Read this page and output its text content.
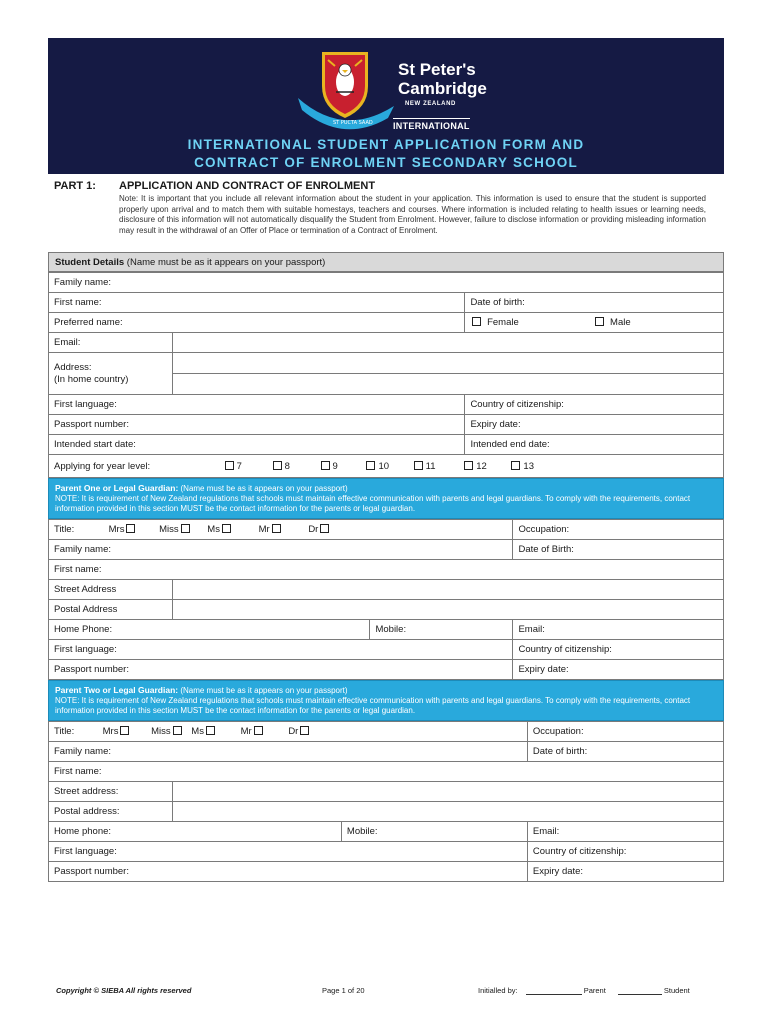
ST PUCTA SAAD
St Peter's
Cambridge
NEW ZEALAND
INTERNATIONAL
INTERNATIONAL STUDENT APPLICATION FORM AND
CONTRACT OF ENROLMENT SECONDARY SCHOOL
PART 1: APPLICATION AND CONTRACT OF ENROLMENT
Note: It is important that you include all relevant information about the student in your application. This information is used to ensure that the student is supported properly upon arrival and to match them with suitable homestays, teachers and courses. Where information is included relating to health issues or learning needs, disclosure of this information will not automatically disqualify the Student from Enrolment. However, failure to disclose information or providing misleading information may result in the withdrawal of an Offer of Place or termination of a Contract of Enrolment.
Student Details (Name must be as it appears on your passport)
Family name:		
First name:		Date of birth:
Preferred name:		Female Male
Email:		

Address:
(In home country)		

First language:		Country of citizenship:
Passport number:		Expiry date:
Intended start date:		Intended end date:
Applying for year level: 7 8 9 10 11 12 13		
Parent One or Legal Guardian: (Name must be as it appears on your passport)
NOTE: It is requirement of New Zealand regulations that schools must maintain effective communication with parents and legal guardians. To comply with the requirements, contact information provided in this section MUST be the contact information for the parents or legal guardian.
Title: Mrs Miss Ms Mr Dr			Occupation:
Family name:			Date of Birth:
First name:			
Street Address			
Postal Address			
Home Phone:		Mobile:	Email:
First language:			Country of citizenship:
Passport number:			Expiry date:
Parent Two or Legal Guardian: (Name must be as it appears on your passport)
NOTE: It is requirement of New Zealand regulations that schools must maintain effective communication with parents and legal guardians. To comply with the requirements, contact information provided in this section MUST be the contact information for the parents or legal guardian.
Title: Mrs Miss Ms Mr Dr			Occupation:
Family name:			Date of birth:
First name:			
Street address:			
Postal address:			
Home phone:		Mobile:	Email:
First language:			Country of citizenship:
Passport number:			Expiry date:
Copyright © SIEBA All rights reserved	Page 1 of 20	Initialled by:	Parent	Student
